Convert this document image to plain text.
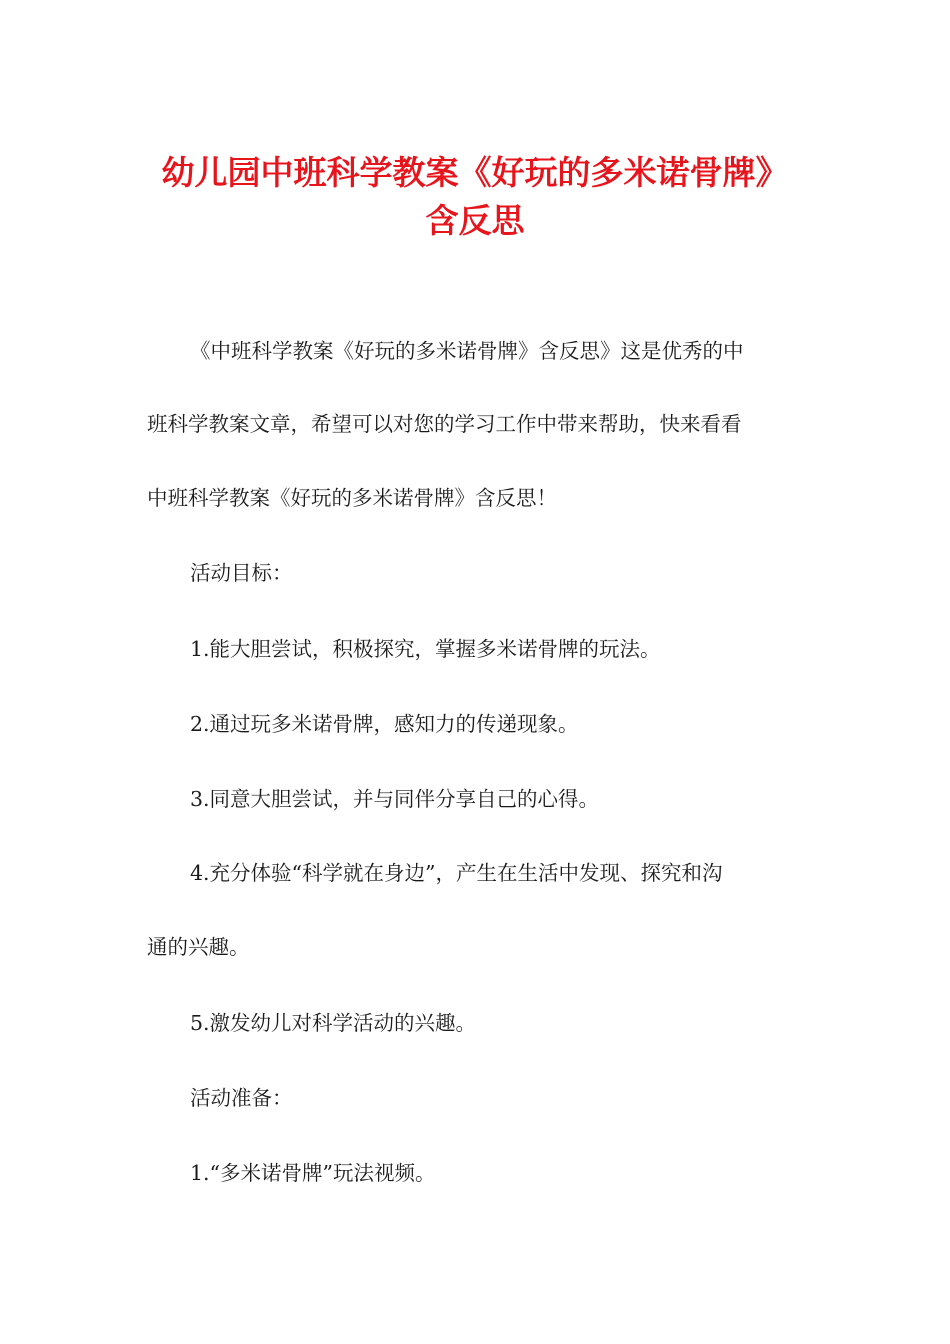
幼儿园中班科学教案《好玩的多米诺骨牌》
含反思

《中班科学教案《好玩的多米诺骨牌》含反思》这是优秀的中

班科学教案文章，希望可以对您的学习工作中带来帮助，快来看看

中班科学教案《好玩的多米诺骨牌》含反思！

活动目标：

1.能大胆尝试，积极探究，掌握多米诺骨牌的玩法。

2.通过玩多米诺骨牌，感知力的传递现象。

3.同意大胆尝试，并与同伴分享自己的心得。

4.充分体验“科学就在身边”，产生在生活中发现、探究和沟

通的兴趣。

5.激发幼儿对科学活动的兴趣。

活动准备：

1.“多米诺骨牌”玩法视频。
